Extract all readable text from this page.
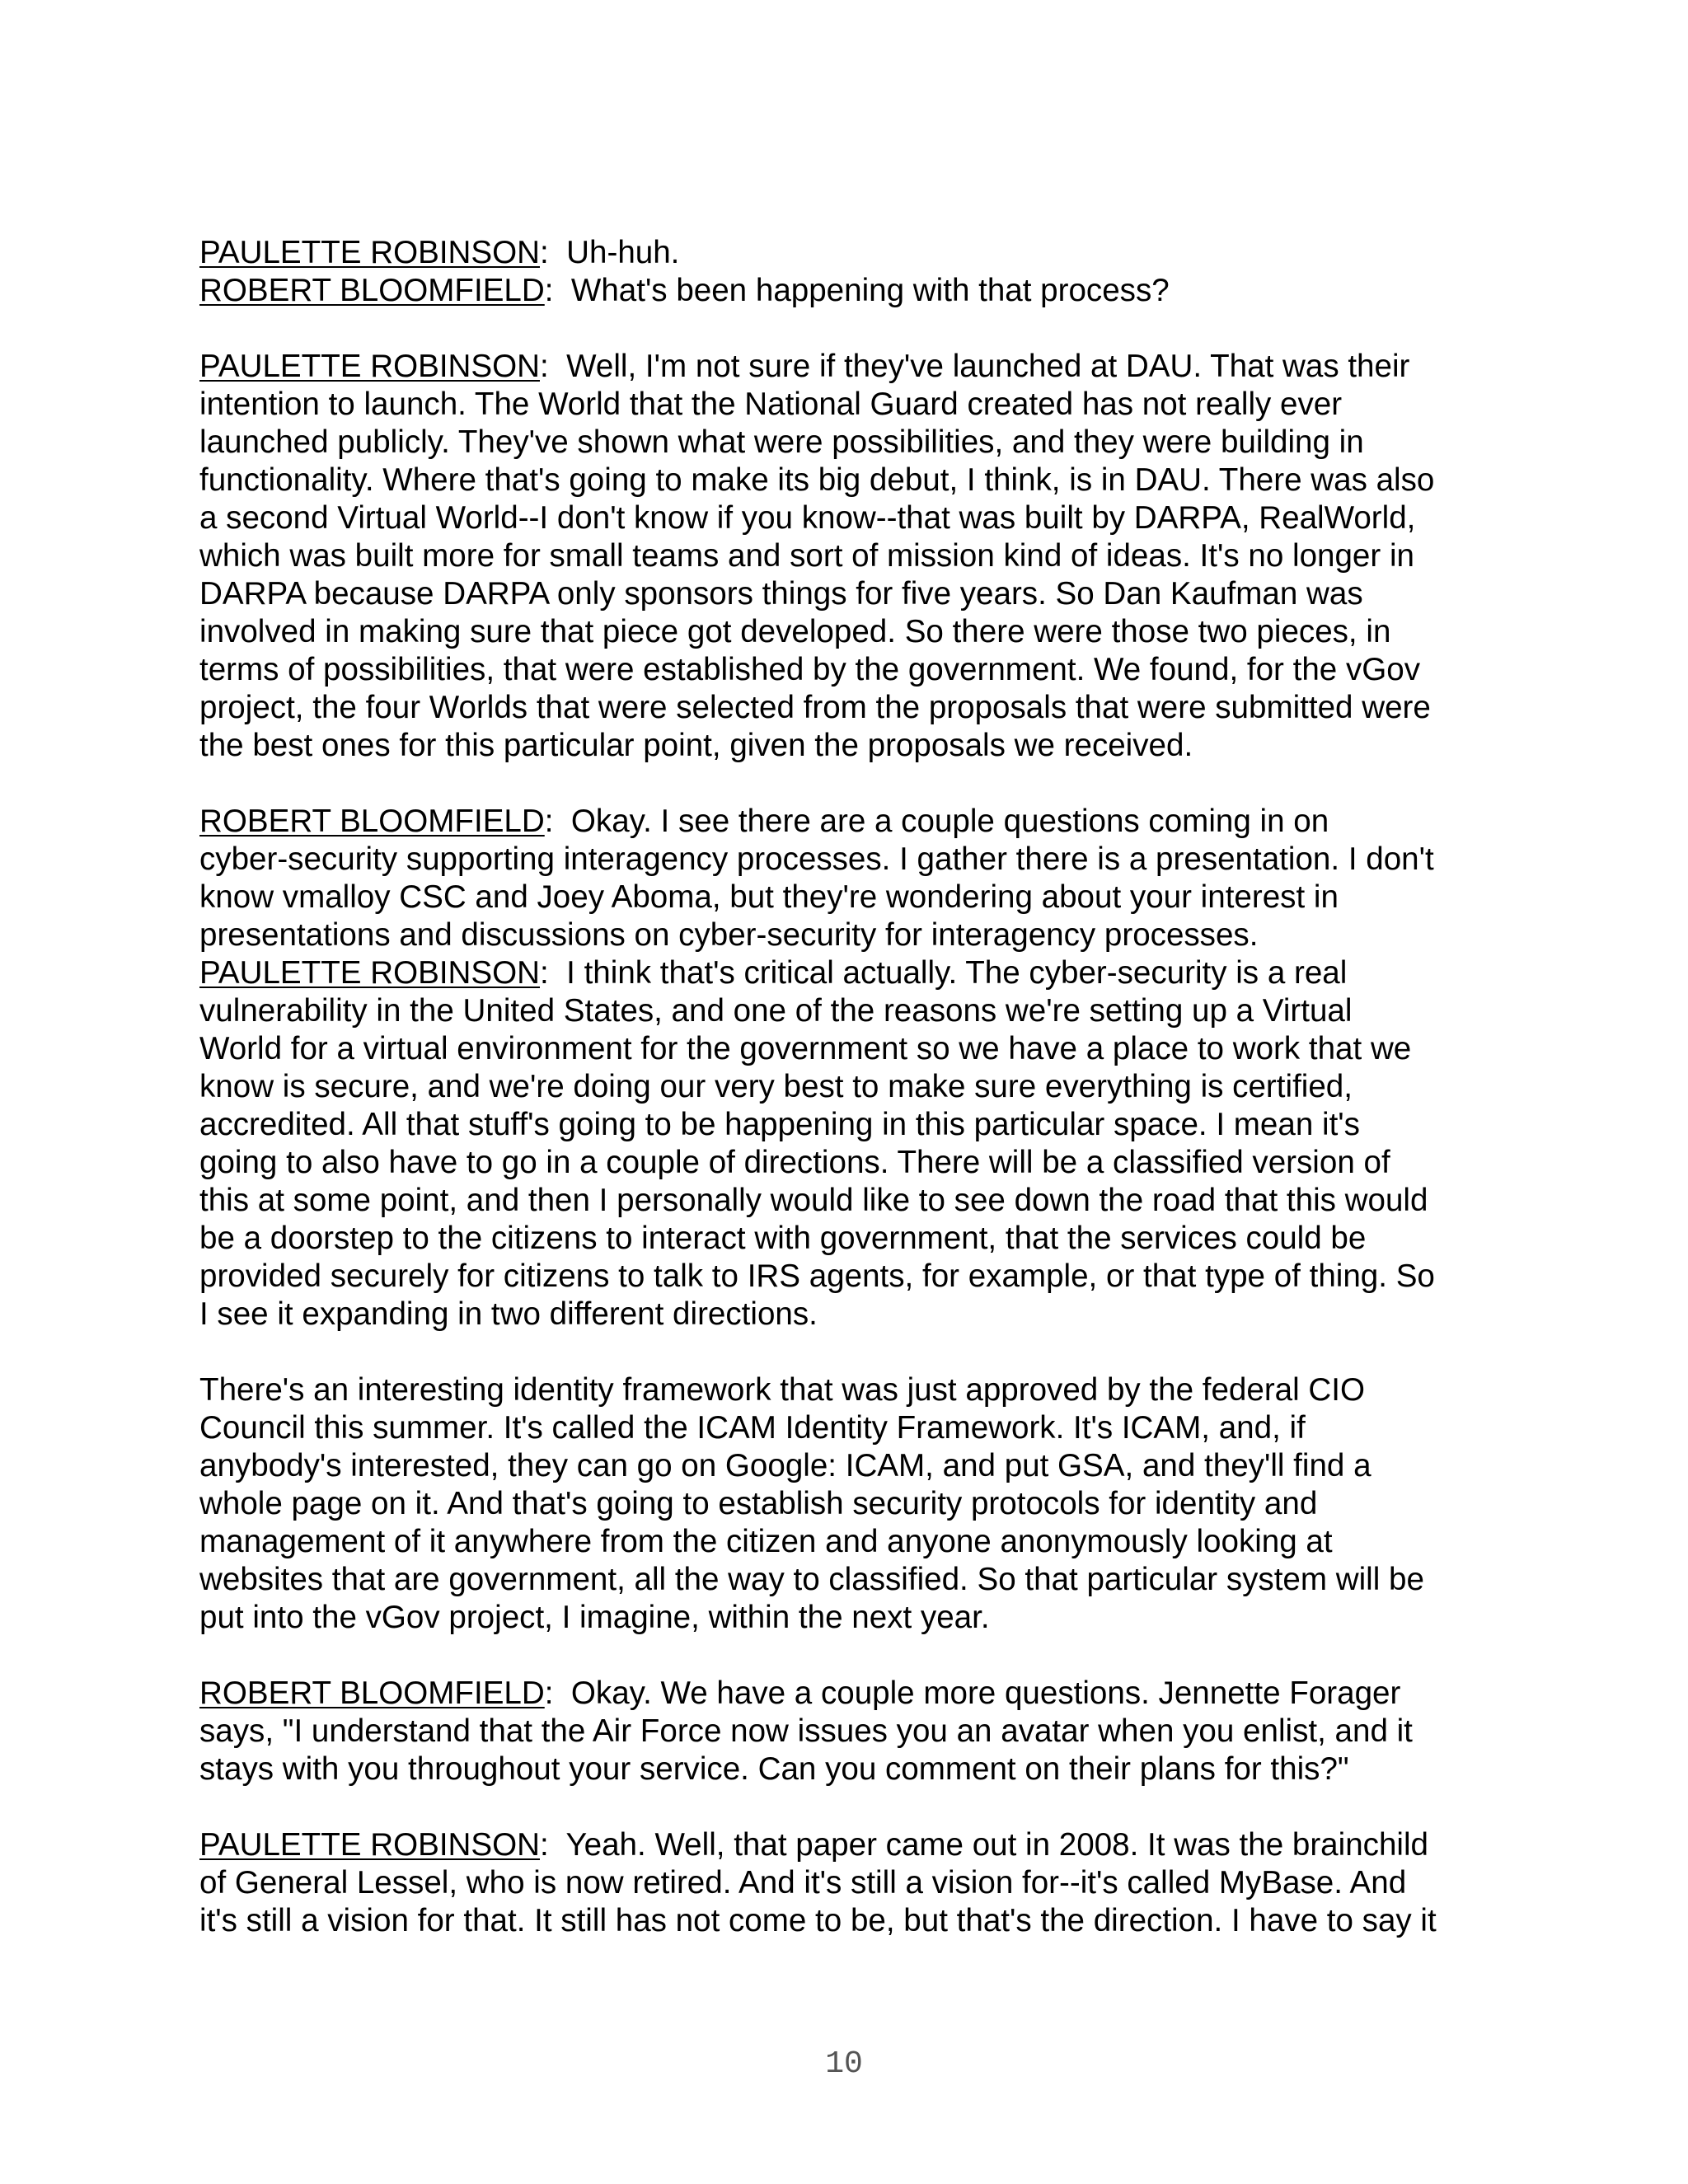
PAULETTE ROBINSON:  Uh-huh.
ROBERT BLOOMFIELD:  What's been happening with that process?
PAULETTE ROBINSON:  Well, I'm not sure if they've launched at DAU. That was their
intention to launch. The World that the National Guard created has not really ever
launched publicly. They've shown what were possibilities, and they were building in
functionality. Where that's going to make its big debut, I think, is in DAU. There was also
a second Virtual World--I don't know if you know--that was built by DARPA, RealWorld,
which was built more for small teams and sort of mission kind of ideas. It's no longer in
DARPA because DARPA only sponsors things for five years. So Dan Kaufman was
involved in making sure that piece got developed. So there were those two pieces, in
terms of possibilities, that were established by the government. We found, for the vGov
project, the four Worlds that were selected from the proposals that were submitted were
the best ones for this particular point, given the proposals we received.
ROBERT BLOOMFIELD:  Okay. I see there are a couple questions coming in on
cyber-security supporting interagency processes. I gather there is a presentation. I don't
know vmalloy CSC and Joey Aboma, but they're wondering about your interest in
presentations and discussions on cyber-security for interagency processes.
PAULETTE ROBINSON:  I think that's critical actually. The cyber-security is a real
vulnerability in the United States, and one of the reasons we're setting up a Virtual
World for a virtual environment for the government so we have a place to work that we
know is secure, and we're doing our very best to make sure everything is certified,
accredited. All that stuff's going to be happening in this particular space. I mean it's
going to also have to go in a couple of directions. There will be a classified version of
this at some point, and then I personally would like to see down the road that this would
be a doorstep to the citizens to interact with government, that the services could be
provided securely for citizens to talk to IRS agents, for example, or that type of thing. So
I see it expanding in two different directions.
There's an interesting identity framework that was just approved by the federal CIO
Council this summer. It's called the ICAM Identity Framework. It's ICAM, and, if
anybody's interested, they can go on Google: ICAM, and put GSA, and they'll find a
whole page on it. And that's going to establish security protocols for identity and
management of it anywhere from the citizen and anyone anonymously looking at
websites that are government, all the way to classified. So that particular system will be
put into the vGov project, I imagine, within the next year.
ROBERT BLOOMFIELD:  Okay. We have a couple more questions. Jennette Forager
says, "I understand that the Air Force now issues you an avatar when you enlist, and it
stays with you throughout your service. Can you comment on their plans for this?"
PAULETTE ROBINSON:  Yeah. Well, that paper came out in 2008. It was the brainchild
of General Lessel, who is now retired. And it's still a vision for--it's called MyBase. And
it's still a vision for that. It still has not come to be, but that's the direction. I have to say it
10
